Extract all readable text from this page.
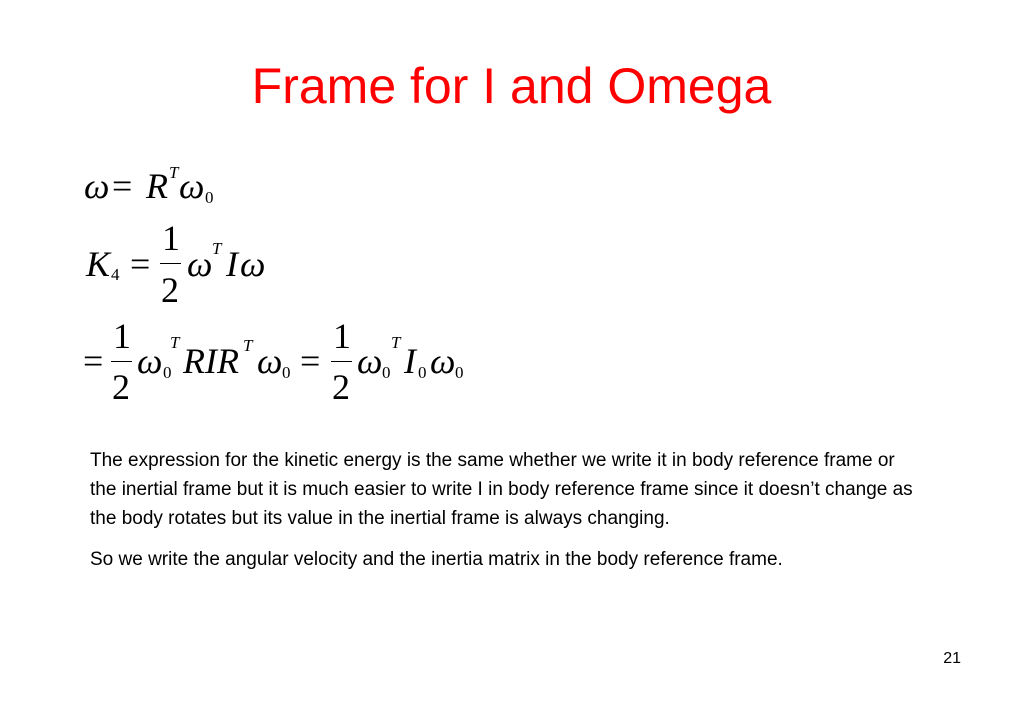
Frame for I and Omega
ω = R T ω 0
K 4 =
1
2
ω T I ω
=
1
2
ω 0
T RIR T ω 0 =
1
2
ω 0
T I 0 ω 0

The expression for the kinetic energy is the same whether we write it in body reference frame or the inertial frame but it is much easier to write I in body reference frame since it doesn’t change as the body rotates but its value in the inertial frame is always changing.

So we write the angular velocity and the inertia matrix in the body reference frame.

21
